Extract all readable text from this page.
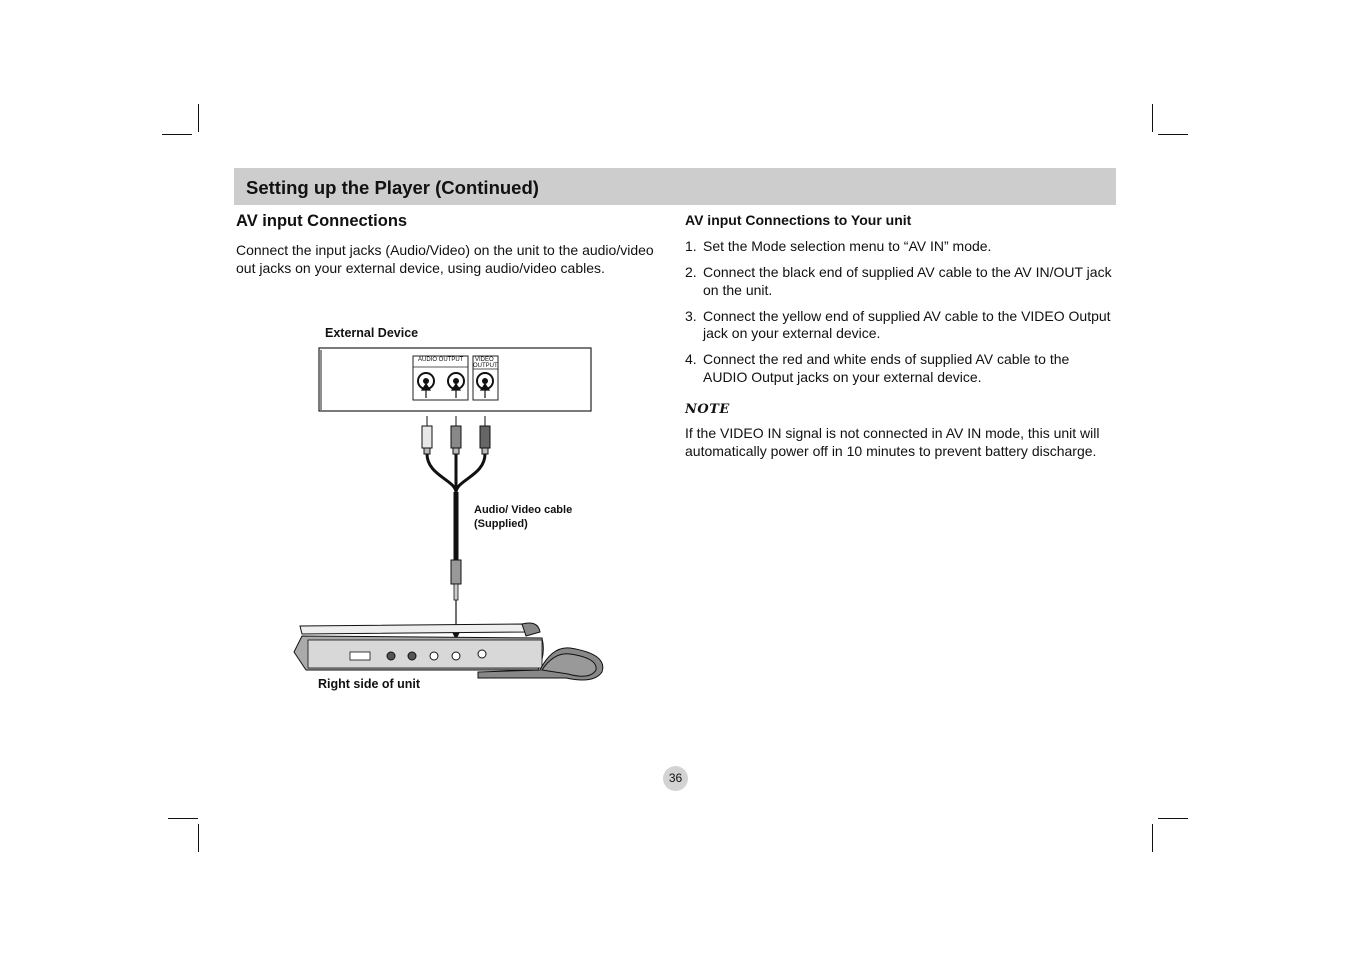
Setting up the Player (Continued)
AV input Connections
Connect the input jacks (Audio/Video) on the unit to the audio/video out jacks on your external device, using audio/video cables.
External Device
AUDIO OUTPUT VIDEO
OUTPUT
Audio/ Video cable
(Supplied)
Right side of unit
AV input Connections to Your unit
1. Set the Mode selection menu to “AV IN” mode.
2. Connect the black end of supplied AV cable to the AV IN/OUT jack on the unit.
3. Connect the yellow end of supplied AV cable to the VIDEO Output jack on your external device.
4. Connect the red and white ends of supplied AV cable to the AUDIO Output jacks on your external device.
NOTE
If the VIDEO IN signal is not connected in AV IN mode, this unit will automatically power off in 10 minutes to prevent battery discharge.
36
